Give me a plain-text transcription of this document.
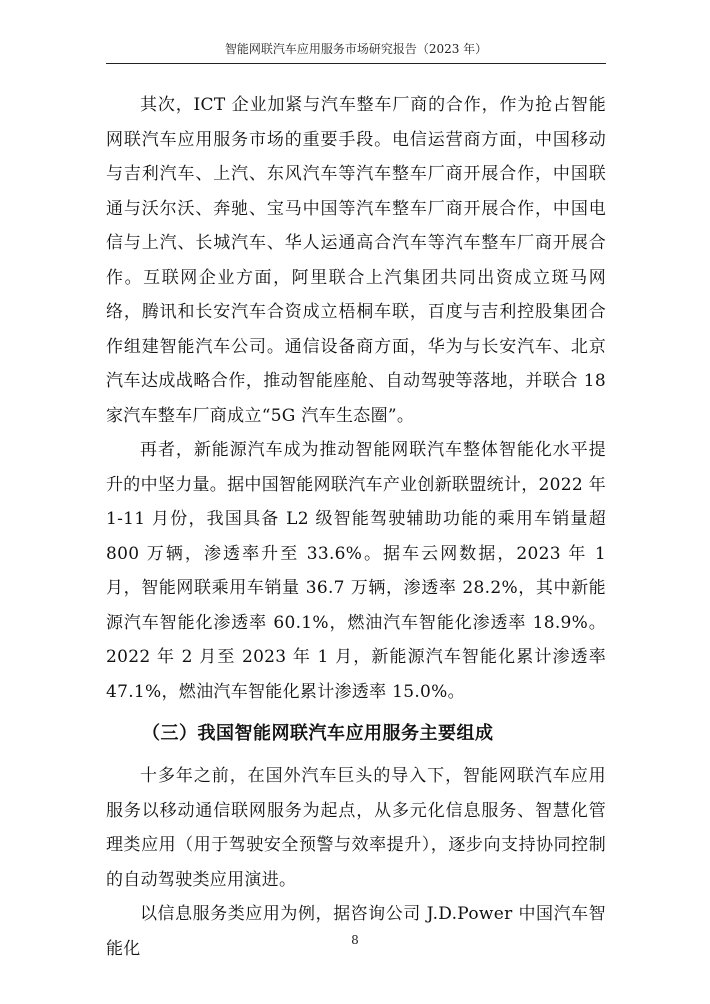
智能网联汽车应用服务市场研究报告（2023 年）

其次，ICT 企业加紧与汽车整车厂商的合作，作为抢占智能网联汽车应用服务市场的重要手段。电信运营商方面，中国移动与吉利汽车、上汽、东风汽车等汽车整车厂商开展合作，中国联通与沃尔沃、奔驰、宝马中国等汽车整车厂商开展合作，中国电信与上汽、长城汽车、华人运通高合汽车等汽车整车厂商开展合作。互联网企业方面，阿里联合上汽集团共同出资成立斑马网络，腾讯和长安汽车合资成立梧桐车联，百度与吉利控股集团合作组建智能汽车公司。通信设备商方面，华为与长安汽车、北京汽车达成战略合作，推动智能座舱、自动驾驶等落地，并联合 18 家汽车整车厂商成立“5G 汽车生态圈”。

再者，新能源汽车成为推动智能网联汽车整体智能化水平提升的中坚力量。据中国智能网联汽车产业创新联盟统计，2022 年 1-11 月份，我国具备 L2 级智能驾驶辅助功能的乘用车销量超 800 万辆，渗透率升至 33.6%。据车云网数据，2023 年 1 月，智能网联乘用车销量 36.7 万辆，渗透率 28.2%，其中新能源汽车智能化渗透率 60.1%，燃油汽车智能化渗透率 18.9%。2022 年 2 月至 2023 年 1 月，新能源汽车智能化累计渗透率 47.1%，燃油汽车智能化累计渗透率 15.0%。

（三）我国智能网联汽车应用服务主要组成

十多年之前，在国外汽车巨头的导入下，智能网联汽车应用服务以移动通信联网服务为起点，从多元化信息服务、智慧化管理类应用（用于驾驶安全预警与效率提升），逐步向支持协同控制的自动驾驶类应用演进。

以信息服务类应用为例，据咨询公司 J.D.Power 中国汽车智能化	8
